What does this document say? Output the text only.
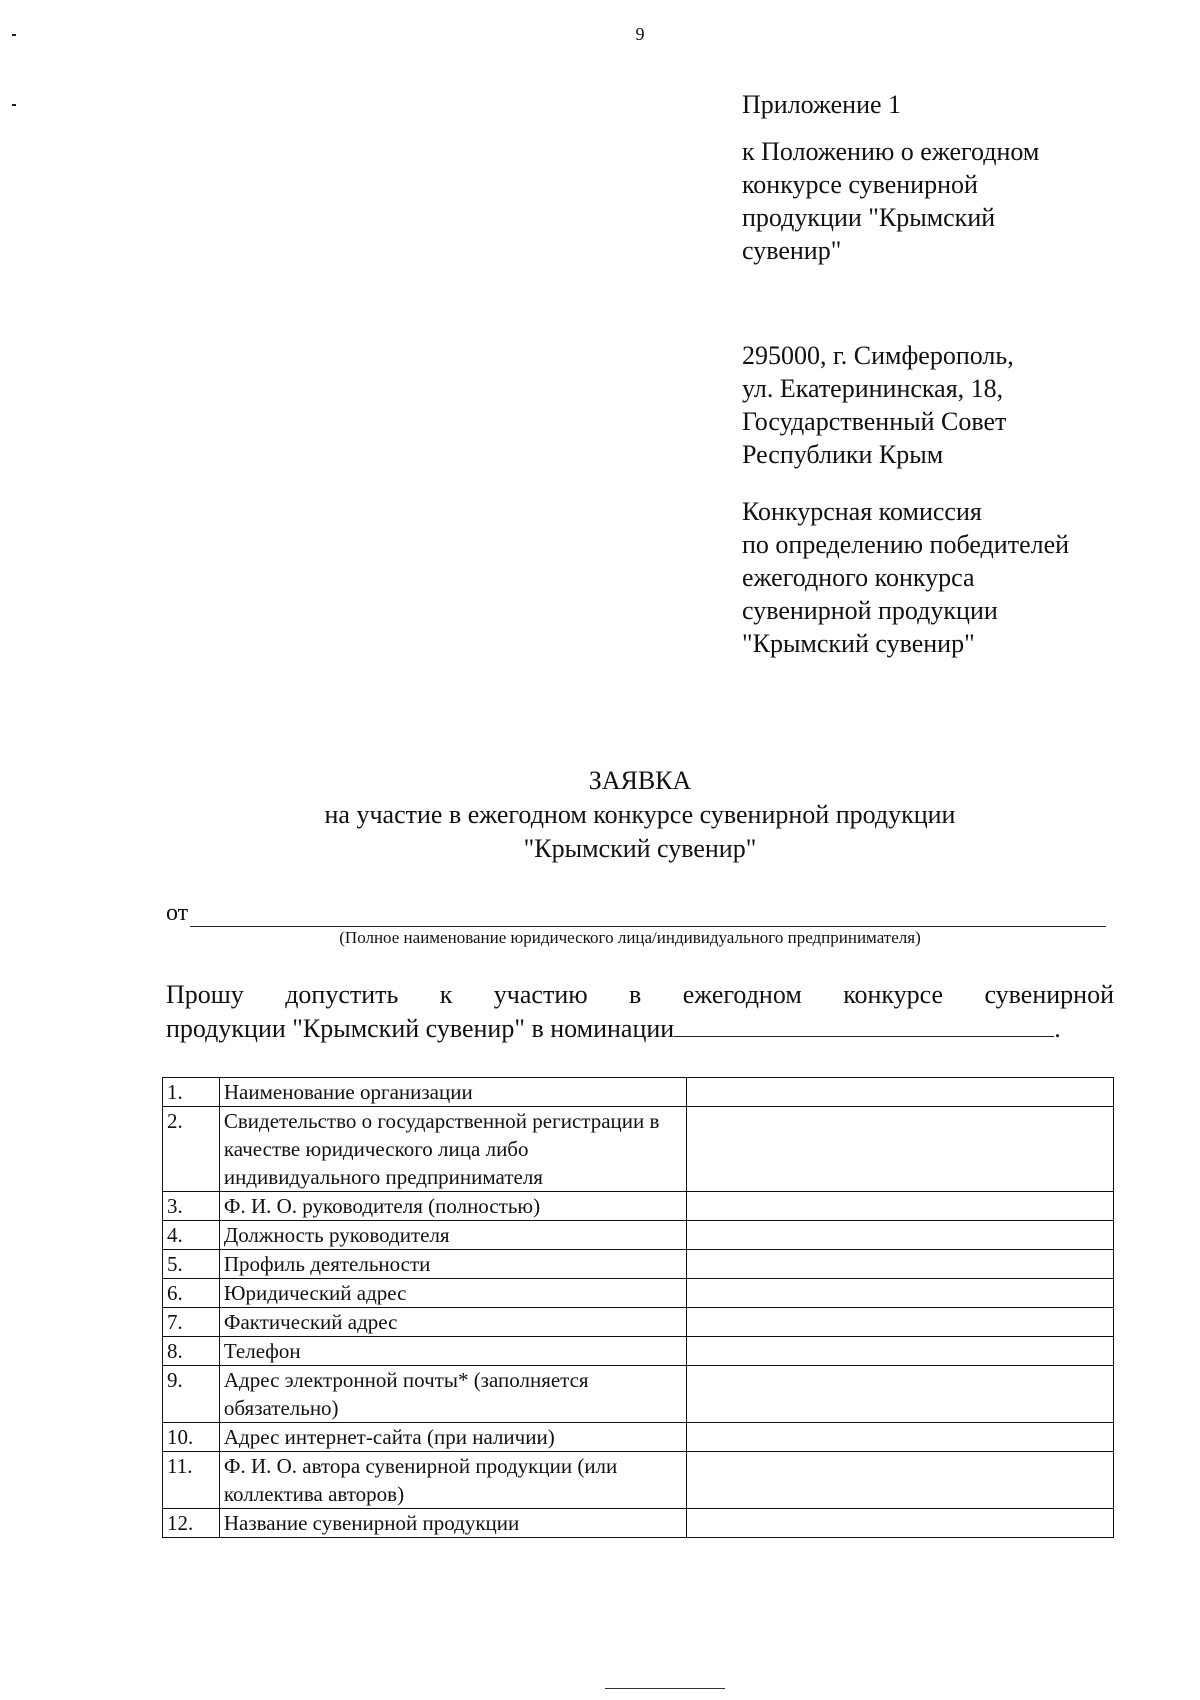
9

Приложение 1

к Положению о ежегодном

конкурсе сувенирной

продукции "Крымский

сувенир"

295000, г. Симферополь,

ул. Екатерининская, 18,

Государственный Совет

Республики Крым

Конкурсная комиссия

по определению победителей

ежегодного конкурса

сувенирной продукции

"Крымский сувенир"

ЗАЯВКА
на участие в ежегодном конкурсе сувенирной продукции
"Крымский сувенир"
от
(Полное наименование юридического лица/индивидуального предпринимателя)
Прошу допустить к участию в ежегодном конкурсе сувенирной
продукции "Крымский сувенир" в номинации	.
1.	Наименование организации	
2.	Свидетельство о государственной регистрации в качестве юридического лица либо индивидуального предпринимателя	
3.	Ф. И. О. руководителя (полностью)	
4.	Должность руководителя	
5.	Профиль деятельности	
6.	Юридический адрес	
7.	Фактический адрес	
8.	Телефон	
9.	Адрес электронной почты* (заполняется обязательно)	
10.	Адрес интернет-сайта (при наличии)	
11.	Ф. И. О. автора сувенирной продукции (или коллектива авторов)	
12.	Название сувенирной продукции	
